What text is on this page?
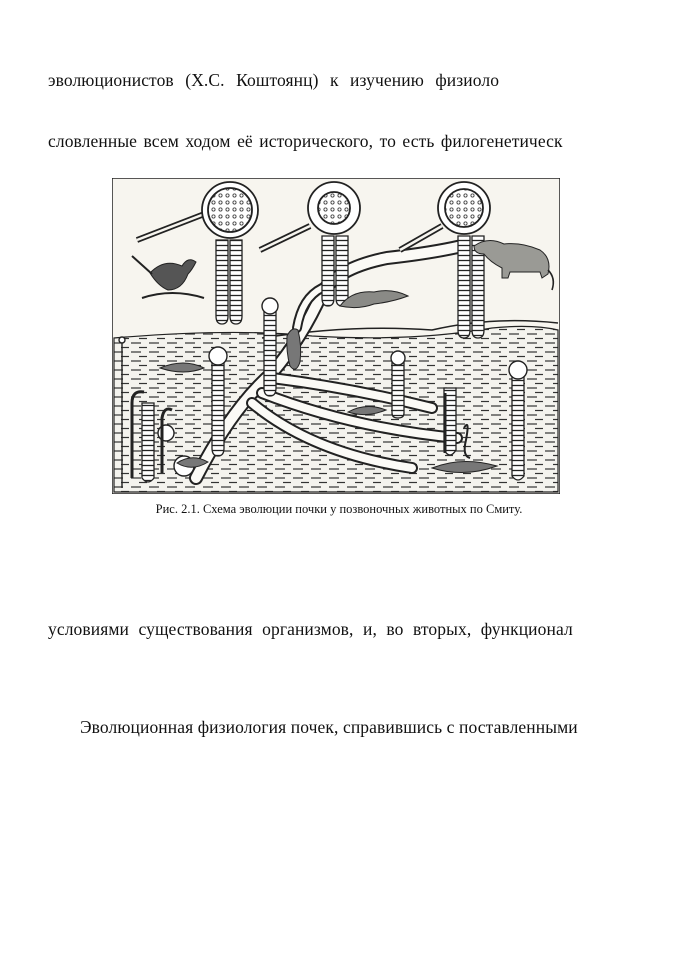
эволюционистов (Х.С. Коштоянц) к изучению физиоло
словленные всем ходом её исторического, то есть филогенетическ
Рис. 2.1. Схема эволюции почки у позвоночных животных по Смиту.
условиями существования организмов, и, во вторых, функционал
Эволюционная физиология почек, справившись с поставленными
